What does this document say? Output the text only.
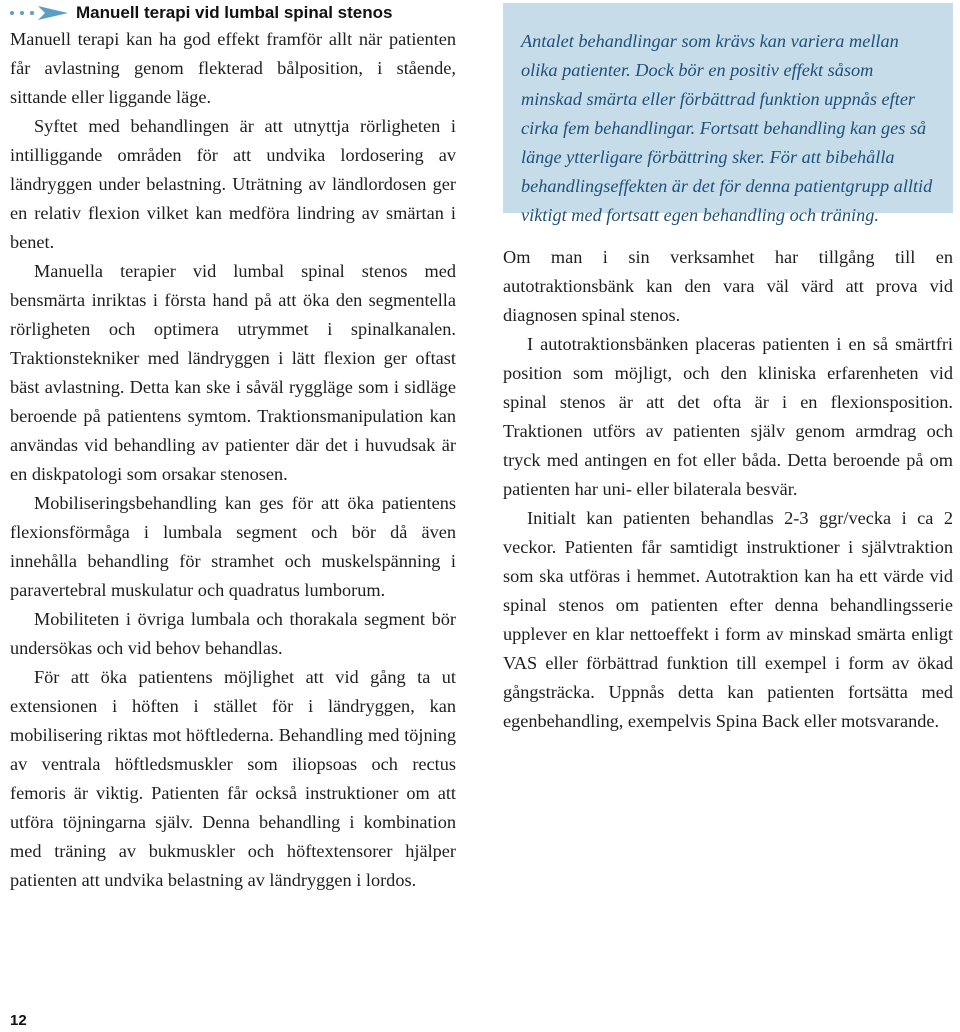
Manuell terapi vid lumbal spinal stenos

Manuell terapi kan ha god effekt framför allt när patienten får avlastning genom flekterad bålposition, i stående, sittande eller liggande läge.

Syftet med behandlingen är att utnyttja rörligheten i intilliggande områden för att undvika lordosering av ländryggen under belastning. Uträtning av ländlordosen ger en relativ flexion vilket kan medföra lindring av smärtan i benet.

Manuella terapier vid lumbal spinal stenos med bensmärta inriktas i första hand på att öka den segmentella rörligheten och optimera utrymmet i spinalkanalen. Traktionstekniker med ländryggen i lätt flexion ger oftast bäst avlastning. Detta kan ske i såväl ryggläge som i sidläge beroende på patientens symtom. Traktionsmanipulation kan användas vid behandling av patienter där det i huvudsak är en diskpatologi som orsakar stenosen.

Mobiliseringsbehandling kan ges för att öka patientens flexionsförmåga i lumbala segment och bör då även innehålla behandling för stramhet och muskelspänning i paravertebral muskulatur och quadratus lumborum.

Mobiliteten i övriga lumbala och thorakala segment bör undersökas och vid behov behandlas.

För att öka patientens möjlighet att vid gång ta ut extensionen i höften i stället för i ländryggen, kan mobilisering riktas mot höftlederna. Behandling med töjning av ventrala höftledsmuskler som iliopsoas och rectus femoris är viktig. Patienten får också instruktioner om att utföra töjningarna själv. Denna behandling i kombination med träning av bukmuskler och höftextensorer hjälper patienten att undvika belastning av ländryggen i lordos.

Antalet behandlingar som krävs kan variera mellan olika patienter. Dock bör en positiv effekt såsom minskad smärta eller förbättrad funktion uppnås efter cirka fem behandlingar. Fortsatt behandling kan ges så länge ytterligare förbättring sker. För att bibehålla behandlingseffekten är det för denna patientgrupp alltid viktigt med fortsatt egen behandling och träning.

Om man i sin verksamhet har tillgång till en autotraktionsbänk kan den vara väl värd att prova vid diagnosen spinal stenos.

I autotraktionsbänken placeras patienten i en så smärtfri position som möjligt, och den kliniska erfarenheten vid spinal stenos är att det ofta är i en flexionsposition. Traktionen utförs av patienten själv genom armdrag och tryck med antingen en fot eller båda. Detta beroende på om patienten har uni- eller bilaterala besvär.

Initialt kan patienten behandlas 2-3 ggr/vecka i ca 2 veckor. Patienten får samtidigt instruktioner i självtraktion som ska utföras i hemmet. Autotraktion kan ha ett värde vid spinal stenos om patienten efter denna behandlingsserie upplever en klar nettoeffekt i form av minskad smärta enligt VAS eller förbättrad funktion till exempel i form av ökad gångsträcka. Uppnås detta kan patienten fortsätta med egenbehandling, exempelvis Spina Back eller motsvarande.

12
